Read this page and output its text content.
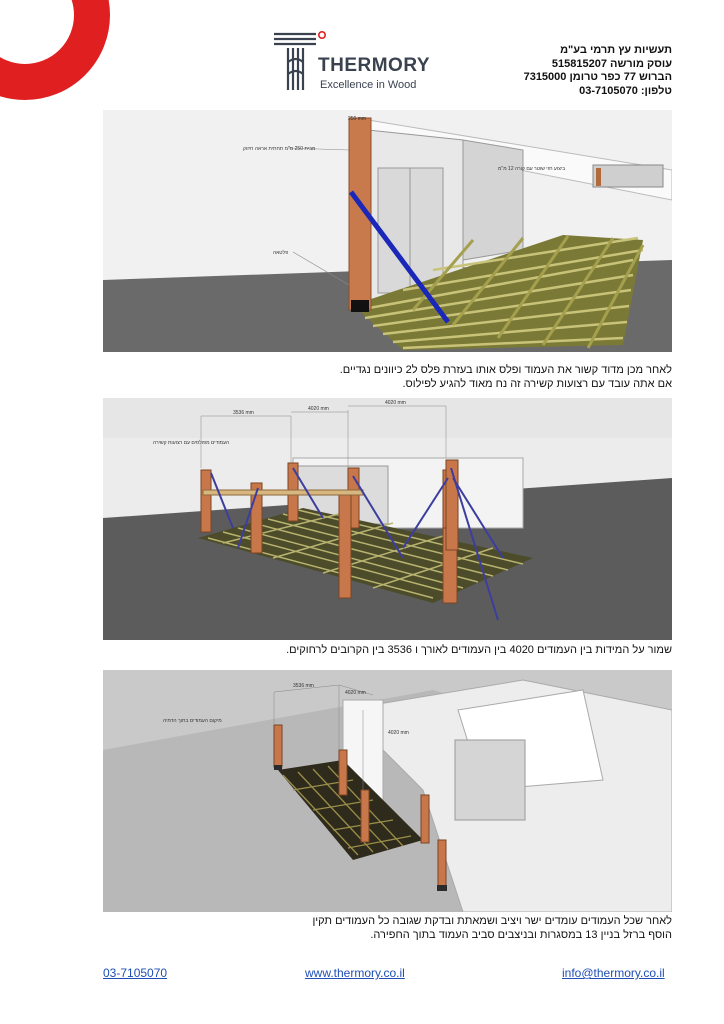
THERMORY
Excellence in Wood
תעשיות עץ תרמי בע"מ
עוסק מורשה 515815207
הברוש 77 כפר טרומן 7315000
טלפון: 03-7105070
250 mm
מבית 250 מ"מ תחתית אראה חיזוק
ביצוע חזי שוטר עם קורה 12 מ"מ
פלטאה
לאחר מכן מדוד קשור את העמוד ופלס אותו בעזרת פלס ל2 כיוונים נגדיים.
אם אתה עובד עם רצועות קשירה זה נח מאוד להגיע לפילוס.
3536 mm
4020 mm
4020 mm
העמודים מפולסים עם רצועות קשירה
שמור על המידות בין העמודים 4020 בין העמודים לאורך ו 3536 בין הקרובים לרחוקים.
3536 mm
4020 mm
4020 mm
מיקום העמודים בתוך הדמיה
לאחר שכל העמודים עומדים ישר ויציב ושמאתת ובדקת שגובה כל העמודים תקין
הוסף ברזל בניין 13 במסגרות ובניצבים סביב העמוד בתוך החפירה.
03-7105070	www.thermory.co.il	info@thermory.co.il
